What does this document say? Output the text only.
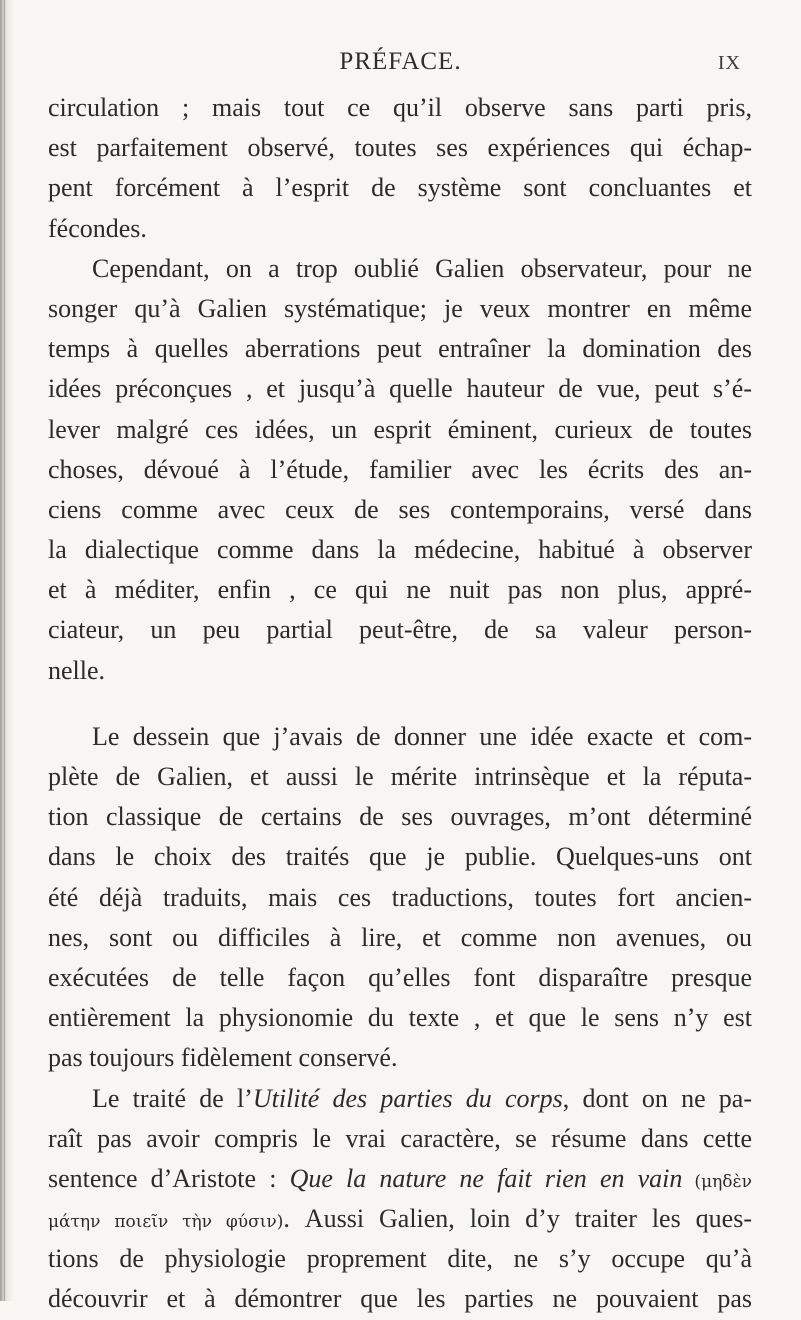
PRÉFACE.	IX
circulation ; mais tout ce qu’il observe sans parti pris,
est parfaitement observé, toutes ses expériences qui échap-
pent forcément à l’esprit de système sont concluantes et
fécondes.
Cependant, on a trop oublié Galien observateur, pour ne
songer qu’à Galien systématique; je veux montrer en même
temps à quelles aberrations peut entraîner la domination des
idées préconçues , et jusqu’à quelle hauteur de vue, peut s’é-
lever malgré ces idées, un esprit éminent, curieux de toutes
choses, dévoué à l’étude, familier avec les écrits des an-
ciens comme avec ceux de ses contemporains, versé dans
la dialectique comme dans la médecine, habitué à observer
et à méditer, enfin , ce qui ne nuit pas non plus, appré-
ciateur, un peu partial peut-être, de sa valeur person-
nelle.
Le dessein que j’avais de donner une idée exacte et com-
plète de Galien, et aussi le mérite intrinsèque et la réputa-
tion classique de certains de ses ouvrages, m’ont déterminé
dans le choix des traités que je publie. Quelques-uns ont
été déjà traduits, mais ces traductions, toutes fort ancien-
nes, sont ou difficiles à lire, et comme non avenues, ou
exécutées de telle façon qu’elles font disparaître presque
entièrement la physionomie du texte , et que le sens n’y est
pas toujours fidèlement conservé.
Le traité de l’Utilité des parties du corps, dont on ne pa-
raît pas avoir compris le vrai caractère, se résume dans cette
sentence d’Aristote : Que la nature ne fait rien en vain (μηδὲν
μάτην ποιεῖν τὴν φύσιν). Aussi Galien, loin d’y traiter les ques-
tions de physiologie proprement dite, ne s’y occupe qu’à
découvrir et à démontrer que les parties ne pouvaient pas
